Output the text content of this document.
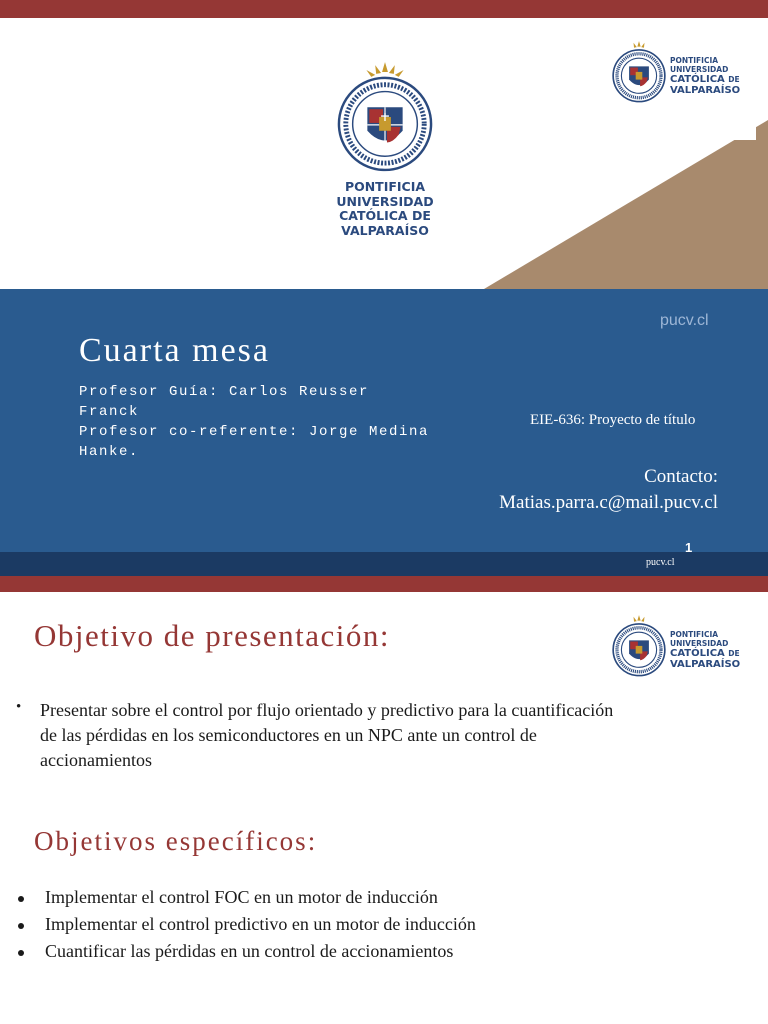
PONTIFICIA
UNIVERSIDAD
CATÓLICA DE
VALPARAÍSO
PONTIFICIA
UNIVERSIDAD
CATÓLICA DE
VALPARAÍSO
pucv.cl
Cuarta mesa
Profesor Guía: Carlos Reusser Franck
Profesor co-referente: Jorge Medina
Hanke.
EIE-636: Proyecto de título
Contacto:
Matias.parra.c@mail.pucv.cl
pucv.cl
1
Objetivo de presentación:	PONTIFICIA
UNIVERSIDAD
CATÓLICA DE
VALPARAÍSO
• Presentar sobre el control por flujo orientado y predictivo para la cuantificación de las pérdidas en los semiconductores en un NPC ante un control de accionamientos
Objetivos específicos:
Implementar el control FOC en un motor de inducción
Implementar el control predictivo en un motor de inducción
Cuantificar las pérdidas en un control de accionamientos
